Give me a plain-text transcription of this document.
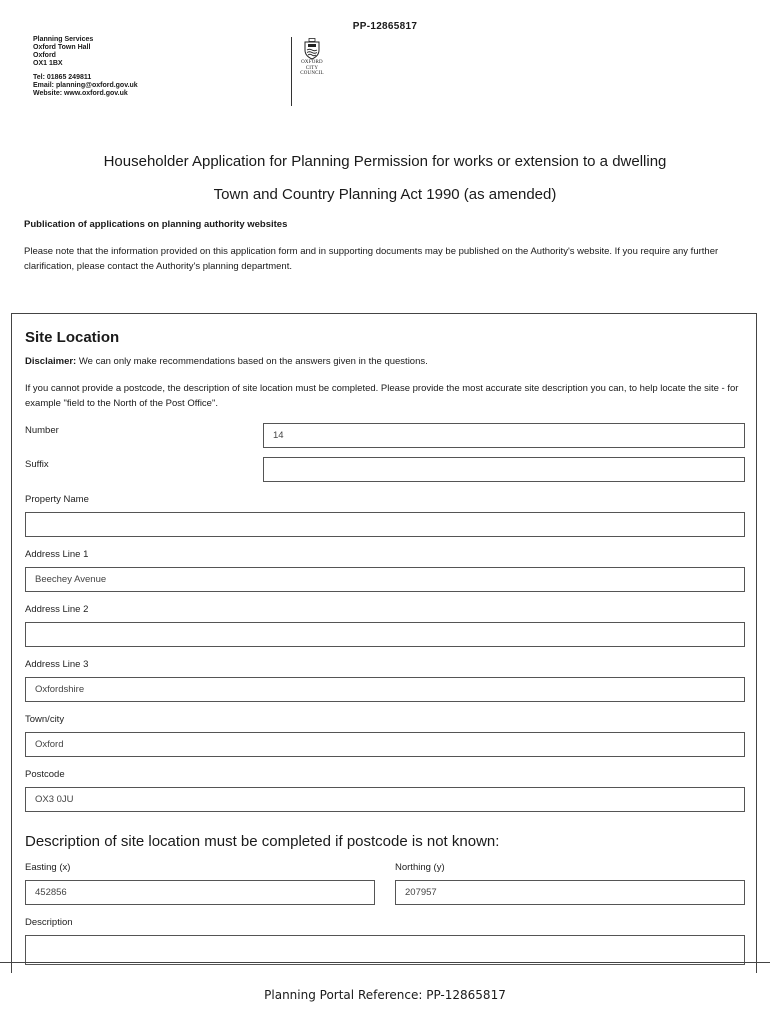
PP-12865817
Planning Services
Oxford Town Hall
Oxford
OX1 1BX
Tel: 01865 249811
Email: planning@oxford.gov.uk
Website: www.oxford.gov.uk
OXFORD
CITY
COUNCIL
Householder Application for Planning Permission for works or extension to a dwelling
Town and Country Planning Act 1990 (as amended)
Publication of applications on planning authority websites
Please note that the information provided on this application form and in supporting documents may be published on the Authority's website. If you require any further clarification, please contact the Authority's planning department.
Site Location
Disclaimer: We can only make recommendations based on the answers given in the questions.
If you cannot provide a postcode, the description of site location must be completed. Please provide the most accurate site description you can, to help locate the site - for example "field to the North of the Post Office".
Number
14
Suffix
Property Name
Address Line 1
Beechey Avenue
Address Line 2
Address Line 3
Oxfordshire
Town/city
Oxford
Postcode
OX3 0JU
Description of site location must be completed if postcode is not known:
Easting (x)
452856	Northing (y)
207957
Description
Planning Portal Reference: PP-12865817
